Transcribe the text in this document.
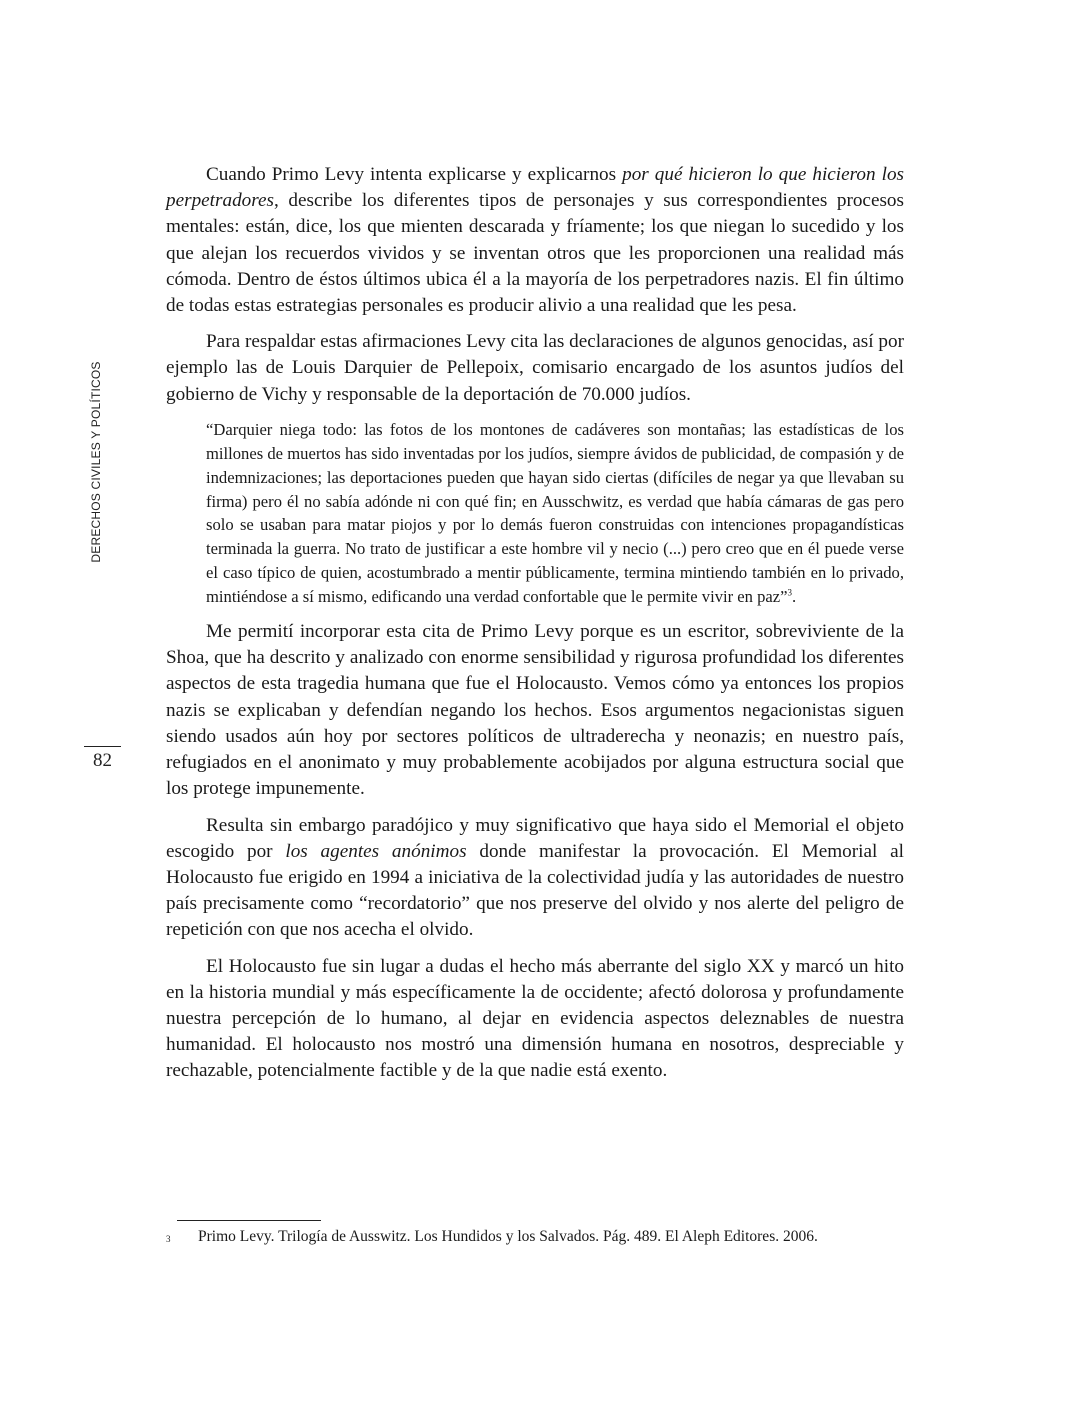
DERECHOS CIVILES Y POLÍTICOS
82

Cuando Primo Levy intenta explicarse y explicarnos por qué hicieron lo que hicieron los perpetradores, describe los diferentes tipos de personajes y sus correspondientes procesos mentales: están, dice, los que mienten descarada y fríamente; los que niegan lo sucedido y los que alejan los recuerdos vividos y se inventan otros que les proporcionen una realidad más cómoda. Dentro de éstos últimos ubica él a la mayoría de los perpetradores nazis. El fin último de todas estas estrategias personales es producir alivio a una realidad que les pesa.

Para respaldar estas afirmaciones Levy cita las declaraciones de algunos genocidas, así por ejemplo las de Louis Darquier de Pellepoix, comisario encargado de los asuntos judíos del gobierno de Vichy y responsable de la deportación de 70.000 judíos.

“Darquier niega todo: las fotos de los montones de cadáveres son montañas; las estadísticas de los millones de muertos has sido inventadas por los judíos, siempre ávidos de publicidad, de compasión y de indemnizaciones; las deportaciones pueden que hayan sido ciertas (difíciles de negar ya que llevaban su firma) pero él no sabía adónde ni con qué fin; en Ausschwitz, es verdad que había cámaras de gas pero solo se usaban para matar piojos y por lo demás fueron construidas con intenciones propagandísticas terminada la guerra. No trato de justificar a este hombre vil y necio (...) pero creo que en él puede verse el caso típico de quien, acostumbrado a mentir públicamente, termina mintiendo también en lo privado, mintiéndose a sí mismo, edificando una verdad confortable que le permite vivir en paz”$^3$.

Me permití incorporar esta cita de Primo Levy porque es un escritor, sobreviviente de la Shoa, que ha descrito y analizado con enorme sensibilidad y rigurosa profundidad los diferentes aspectos de esta tragedia humana que fue el Holocausto. Vemos cómo ya entonces los propios nazis se explicaban y defendían negando los hechos. Esos argumentos negacionistas siguen siendo usados aún hoy por sectores políticos de ultraderecha y neonazis; en nuestro país, refugiados en el anonimato y muy probablemente acobijados por alguna estructura social que los protege impunemente.

Resulta sin embargo paradójico y muy significativo que haya sido el Memorial el objeto escogido por los agentes anónimos donde manifestar la provocación. El Memorial al Holocausto fue erigido en 1994 a iniciativa de la colectividad judía y las autoridades de nuestro país precisamente como “recordatorio” que nos preserve del olvido y nos alerte del peligro de repetición con que nos acecha el olvido.

El Holocausto fue sin lugar a dudas el hecho más aberrante del siglo XX y marcó un hito en la historia mundial y más específicamente la de occidente; afectó dolorosa y profundamente nuestra percepción de lo humano, al dejar en evidencia aspectos deleznables de nuestra humanidad. El holocausto nos mostró una dimensión humana en nosotros, despreciable y rechazable, potencialmente factible y de la que nadie está exento.

3 Primo Levy. Trilogía de Ausswitz. Los Hundidos y los Salvados. Pág. 489. El Aleph Editores. 2006.
